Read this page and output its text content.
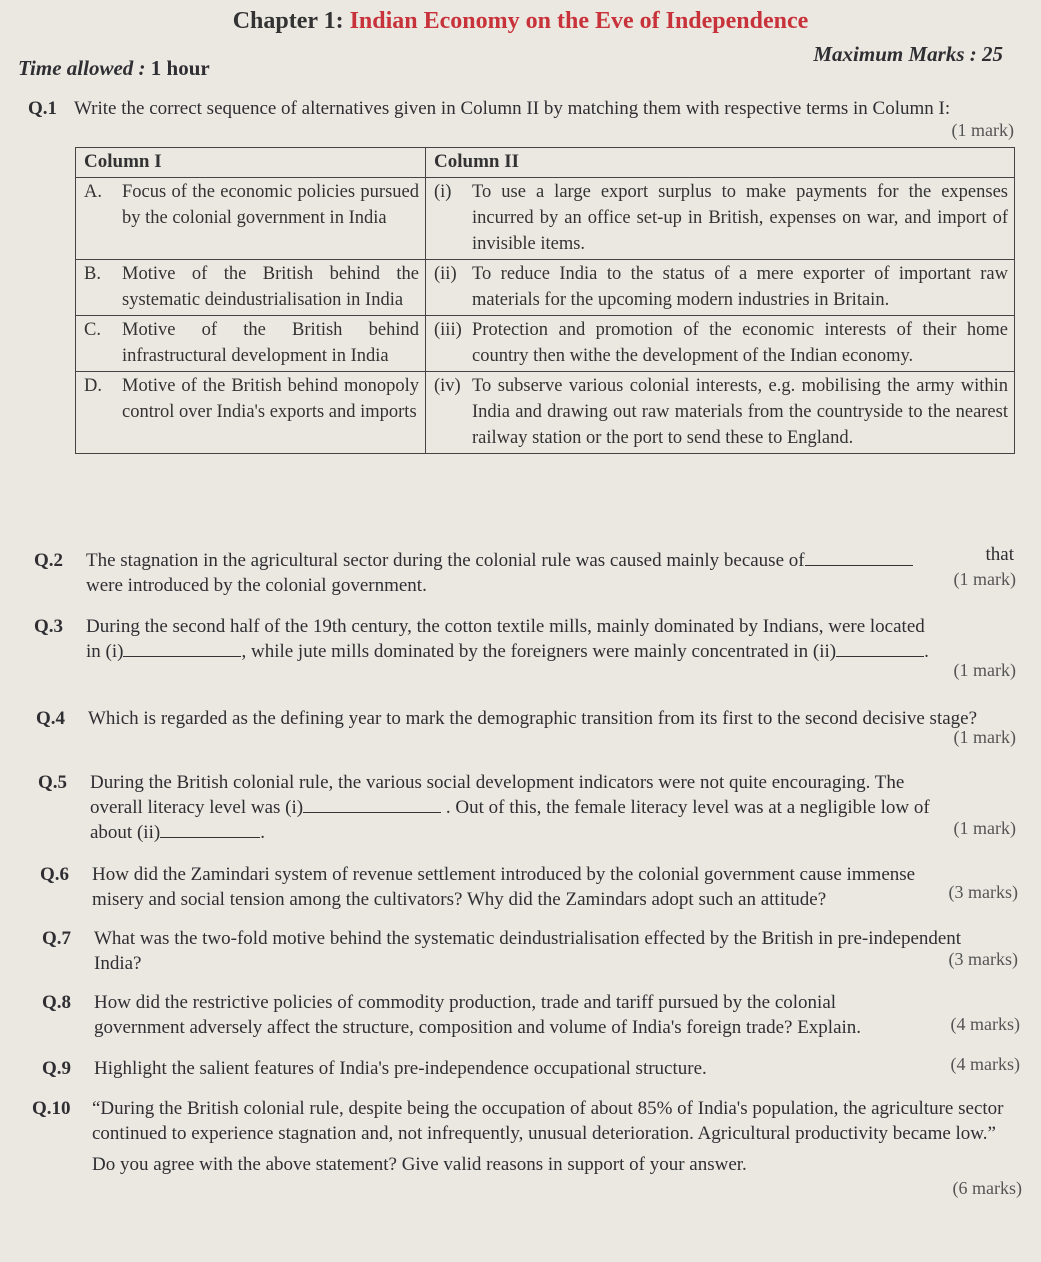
Chapter 1: Indian Economy on the Eve of Independence
Time allowed : 1 hour
Maximum Marks : 25
Q.1 Write the correct sequence of alternatives given in Column II by matching them with respective terms in Column I:
(1 mark)
Column I	Column II

A. Focus of the economic policies pursued by the colonial government in India	(i) To use a large export surplus to make payments for the expenses incurred by an office set-up in British, expenses on war, and import of invisible items.

B. Motive of the British behind the systematic deindustrialisation in India	(ii) To reduce India to the status of a mere exporter of important raw materials for the upcoming modern industries in Britain.

C. Motive of the British behind infrastructural development in India	(iii) Protection and promotion of the economic interests of their home country then withe the development of the Indian economy.

D. Motive of the British behind monopoly control over India's exports and imports	(iv) To subserve various colonial interests, e.g. mobilising the army within India and drawing out raw materials from the countryside to the nearest railway station or the port to send these to England.
Q.2 The stagnation in the agricultural sector during the colonial rule was caused mainly because of	that

were introduced by the colonial government.	(1 mark)
Q.3 During the second half of the 19th century, the cotton textile mills, mainly dominated by Indians, were located
in (i)	, while jute mills dominated by the foreigners were mainly concentrated in (ii)	.
(1 mark)
Q.4 Which is regarded as the defining year to mark the demographic transition from its first to the second decisive stage?
(1 mark)
Q.5 During the British colonial rule, the various social development indicators were not quite encouraging. The
overall literacy level was (i)	. Out of this, the female literacy level was at a negligible low of
about (ii)	.	(1 mark)
Q.6 How did the Zamindari system of revenue settlement introduced by the colonial government cause immense misery and social tension among the cultivators? Why did the Zamindars adopt such an attitude?	(3 marks)
Q.7 What was the two-fold motive behind the systematic deindustrialisation effected by the British in pre-independent India?	(3 marks)
Q.8 How did the restrictive policies of commodity production, trade and tariff pursued by the colonial government adversely affect the structure, composition and volume of India's foreign trade? Explain.	(4 marks)
Q.9 Highlight the salient features of India's pre-independence occupational structure.	(4 marks)
Q.10 “During the British colonial rule, despite being the occupation of about 85% of India's population, the agriculture sector continued to experience stagnation and, not infrequently, unusual deterioration. Agricultural productivity became low.”
Do you agree with the above statement? Give valid reasons in support of your answer.
(6 marks)
